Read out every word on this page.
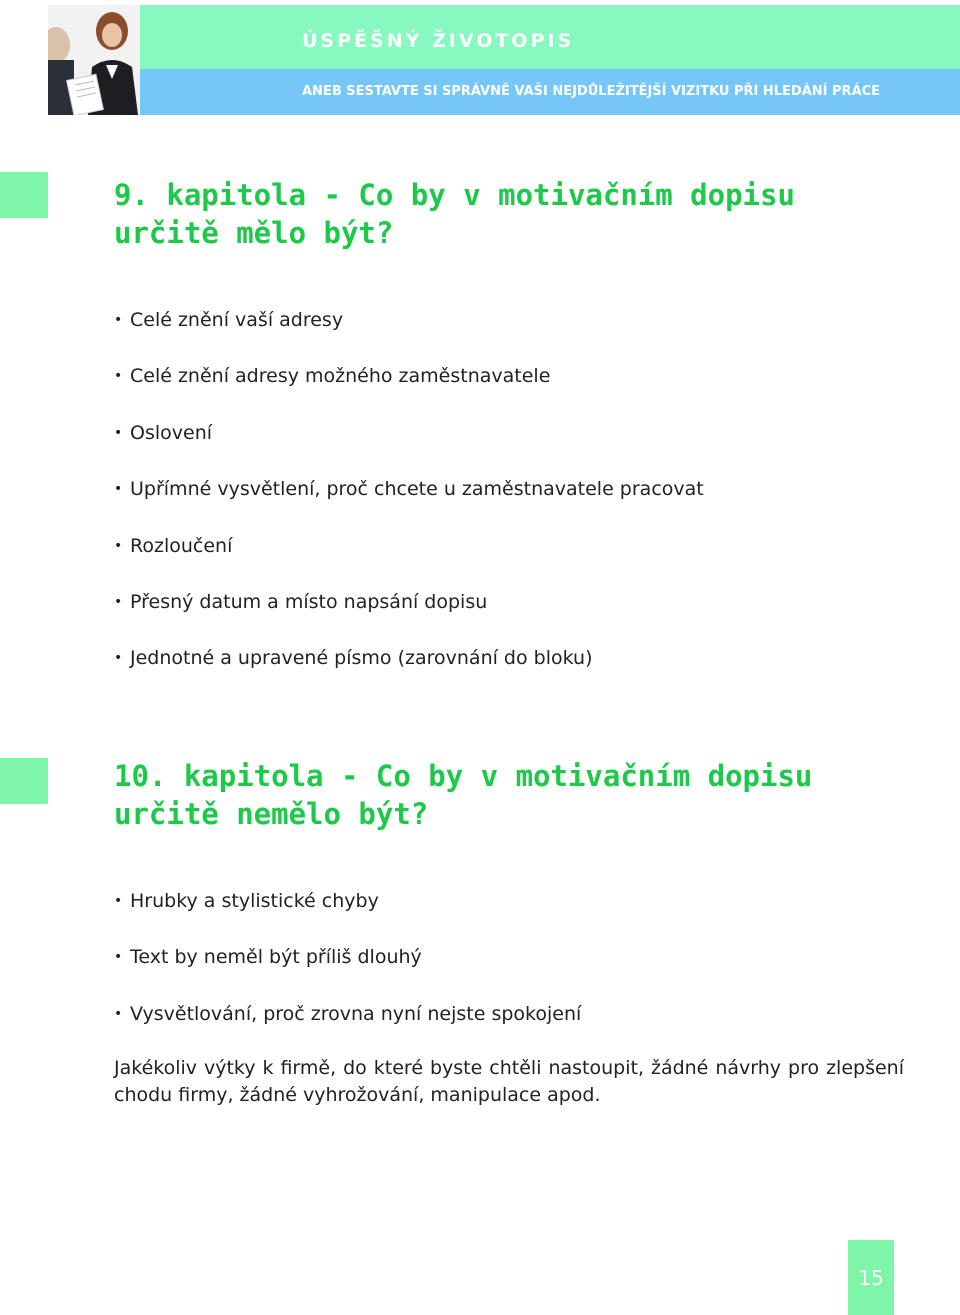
ÚSPĚŠNÝ ŽIVOTOPIS
ANEB SESTAVTE SI SPRÁVNĚ VAŠI NEJDŮLEŽITĚJŠÍ VIZITKU PŘI HLEDÁNÍ PRÁCE
9. kapitola - Co by v motivačním dopisu určitě mělo být?
• Celé znění vaší adresy
• Celé znění adresy možného zaměstnavatele
• Oslovení
• Upřímné vysvětlení, proč chcete u zaměstnavatele pracovat
• Rozloučení
• Přesný datum a místo napsání dopisu
• Jednotné a upravené písmo (zarovnání do bloku)
10. kapitola - Co by v motivačním dopisu určitě nemělo být?
• Hrubky a stylistické chyby
• Text by neměl být příliš dlouhý
• Vysvětlování, proč zrovna nyní nejste spokojení

Jakékoliv výtky k firmě, do které byste chtěli nastoupit, žádné návrhy pro zlepšení chodu firmy, žádné vyhrožování, manipulace apod.

15
